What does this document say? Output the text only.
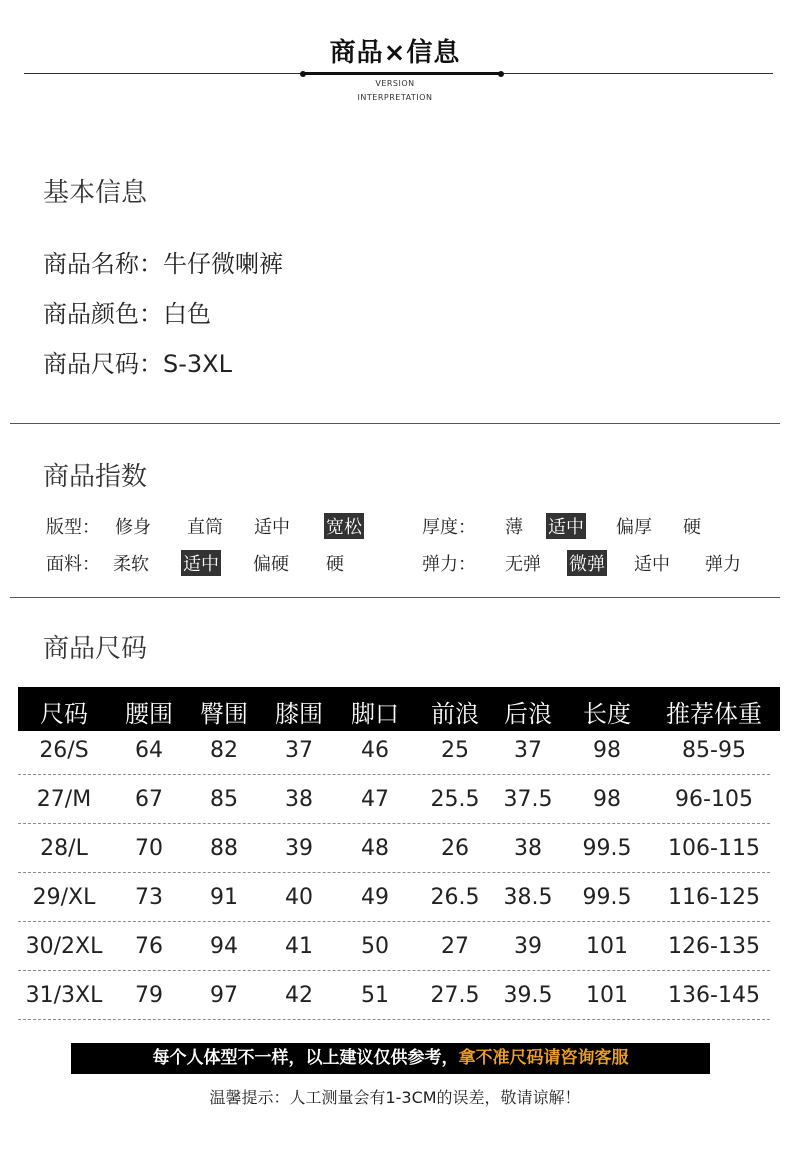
商品×信息
VERSION
INTERPRETATION
基本信息
商品名称：牛仔微喇裤
商品颜色：白色
商品尺码：S-3XL
商品指数
版型： 修身 直筒 适中 宽松	厚度： 薄 适中 偏厚 硬
面料： 柔软 适中 偏硬 硬	弹力： 无弹 微弹 适中 弹力
商品尺码
尺码	腰围	臀围	膝围	脚口	前浪	后浪	长度	推荐体重
26/S	64	82	37	46	25	37	98	85-95
27/M	67	85	38	47	25.5	37.5	98	96-105
28/L	70	88	39	48	26	38	99.5	106-115
29/XL	73	91	40	49	26.5	38.5	99.5	116-125
30/2XL	76	94	41	50	27	39	101	126-135
31/3XL	79	97	42	51	27.5	39.5	101	136-145
每个人体型不一样，以上建议仅供参考，拿不准尺码请咨询客服
温馨提示：人工测量会有1-3CM的误差，敬请谅解！
